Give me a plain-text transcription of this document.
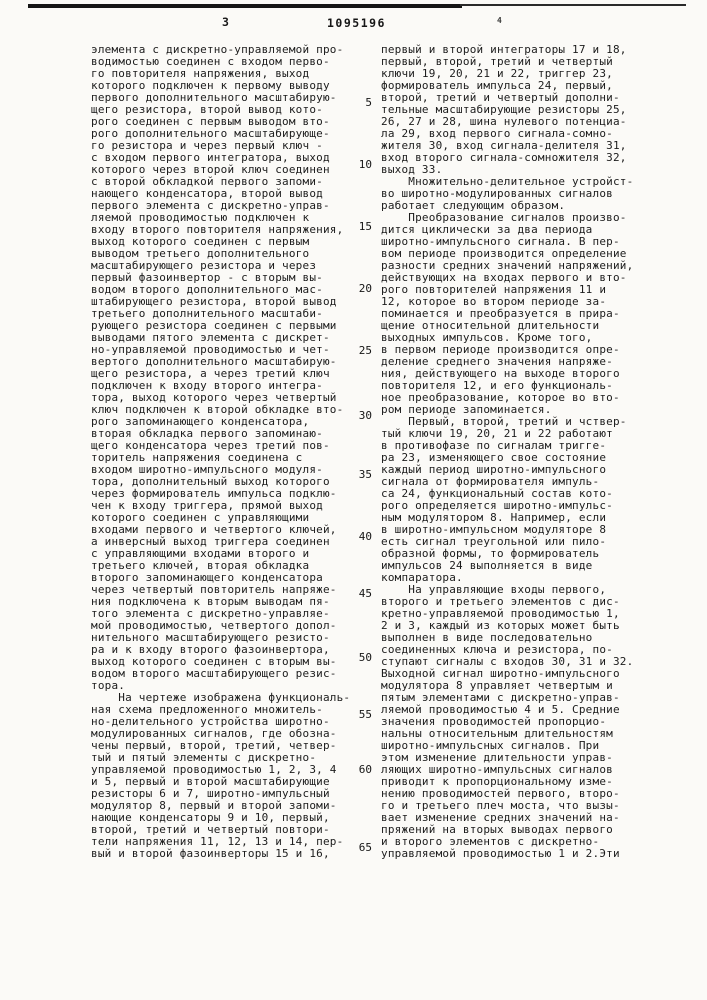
3	1095196	4
элемента с дискретно-управляемой про-
водимостью соединен с входом перво-
го повторителя напряжения, выход
которого подключен к первому выводу
первого дополнительного масштабирую-
щего резистора, второй вывод кото-
рого соединен с первым выводом вто-
рого дополнительного масштабирующе-
го резистора и через первый ключ -
с входом первого интегратора, выход
которого через второй ключ соединен
с второй обкладкой первого запоми-
нающего конденсатора, второй вывод
первого элемента с дискретно-управ-
ляемой проводимостью подключен к
входу второго повторителя напряжения,
выход которого соединен с первым
выводом третьего дополнительного
масштабирующего резистора и через
первый фазоинвертор - с вторым вы-
водом второго дополнительного мас-
штабирующего резистора, второй вывод
третьего дополнительного масштаби-
рующего резистора соединен с первыми
выводами пятого элемента с дискрет-
но-управляемой проводимостью и чет-
вертого дополнительного масштабирую-
щего резистора, а через третий ключ
подключен к входу второго интегра-
тора, выход которого через четвертый
ключ подключен к второй обкладке вто-
рого запоминающего конденсатора,
вторая обкладка первого запоминаю-
щего конденсатора через третий пов-
торитель напряжения соединена с
входом широтно-импульсного модуля-
тора, дополнительный выход которого
через формирователь импульса подклю-
чен к входу триггера, прямой выход
которого соединен с управляющими
входами первого и четвертого ключей,
а инверсный выход триггера соединен
с управляющими входами второго и
третьего ключей, вторая обкладка
второго запоминающего конденсатора
через четвертый повторитель напряже-
ния подключена к вторым выводам пя-
того элемента с дискретно-управляе-
мой проводимостью, четвертого допол-
нительного масштабирующего резисто-
ра и к входу второго фазоинвертора,
выход которого соединен с вторым вы-
водом второго масштабирующего резис-
тора.
На чертеже изображена функциональ-
ная схема предложенного множитель-
но-делительного устройства широтно-
модулированных сигналов, где обозна-
чены первый, второй, третий, четвер-
тый и пятый элементы с дискретно-
управляемой проводимостью 1, 2, 3, 4
и 5, первый и второй масштабирующие
резисторы 6 и 7, широтно-импульсный
модулятор 8, первый и второй запоми-
нающие конденсаторы 9 и 10, первый,
второй, третий и четвертый повтори-
тели напряжения 11, 12, 13 и 14, пер-
вый и второй фазоинверторы 15 и 16,
5
10
15
20
25
30
35
40
45
50
55
60
65
первый и второй интеграторы 17 и 18,
первый, второй, третий и четвертый
ключи 19, 20, 21 и 22, триггер 23,
формирователь импульса 24, первый,
второй, третий и четвертый дополни-
тельные масштабирующие резисторы 25,
26, 27 и 28, шина нулевого потенциа-
ла 29, вход первого сигнала-сомно-
жителя 30, вход сигнала-делителя 31,
вход второго сигнала-сомножителя 32,
выход 33.
Множительно-делительное устройст-
во широтно-модулированных сигналов
работает следующим образом.
Преобразование сигналов произво-
дится циклически за два периода
широтно-импульсного сигнала. В пер-
вом периоде производится определение
разности средних значений напряжений,
действующих на входах первого и вто-
рого повторителей напряжения 11 и
12, которое во втором периоде за-
поминается и преобразуется в прира-
щение относительной длительности
выходных импульсов. Кроме того,
в первом периоде производится опре-
деление среднего значения напряже-
ния, действующего на выходе второго
повторителя 12, и его функциональ-
ное преобразование, которое во вто-
ром периоде запоминается.
Первый, второй, третий и чствер-
тый ключи 19, 20, 21 и 22 работают
в противофазе по сигналам тригге-
ра 23, изменяющего свое состояние
каждый период широтно-импульсного
сигнала от формирователя импуль-
са 24, функциональный состав кото-
рого определяется широтно-импульс-
ным модулятором 8. Например, если
в широтно-импульсном модуляторе 8
есть сигнал треугольной или пило-
образной формы, то формирователь
импульсов 24 выполняется в виде
компаратора.
На управляющие входы первого,
второго и третьего элементов с дис-
кретно-управляемой проводимостью 1,
2 и 3, каждый из которых может быть
выполнен в виде последовательно
соединенных ключа и резистора, по-
ступают сигналы с входов 30, 31 и 32.
Выходной сигнал широтно-импульсного
модулятора 8 управляет четвертым и
пятым элементами с дискретно-управ-
ляемой проводимостью 4 и 5. Средние
значения проводимостей пропорцио-
нальны относительным длительностям
широтно-импульсных сигналов. При
этом изменение длительности управ-
ляющих широтно-импульсных сигналов
приводит к пропорциональному изме-
нению проводимостей первого, второ-
го и третьего плеч моста, что вызы-
вает изменение средних значений на-
пряжений на вторых выводах первого
и второго элементов с дискретно-
управляемой проводимостью 1 и 2.Эти
